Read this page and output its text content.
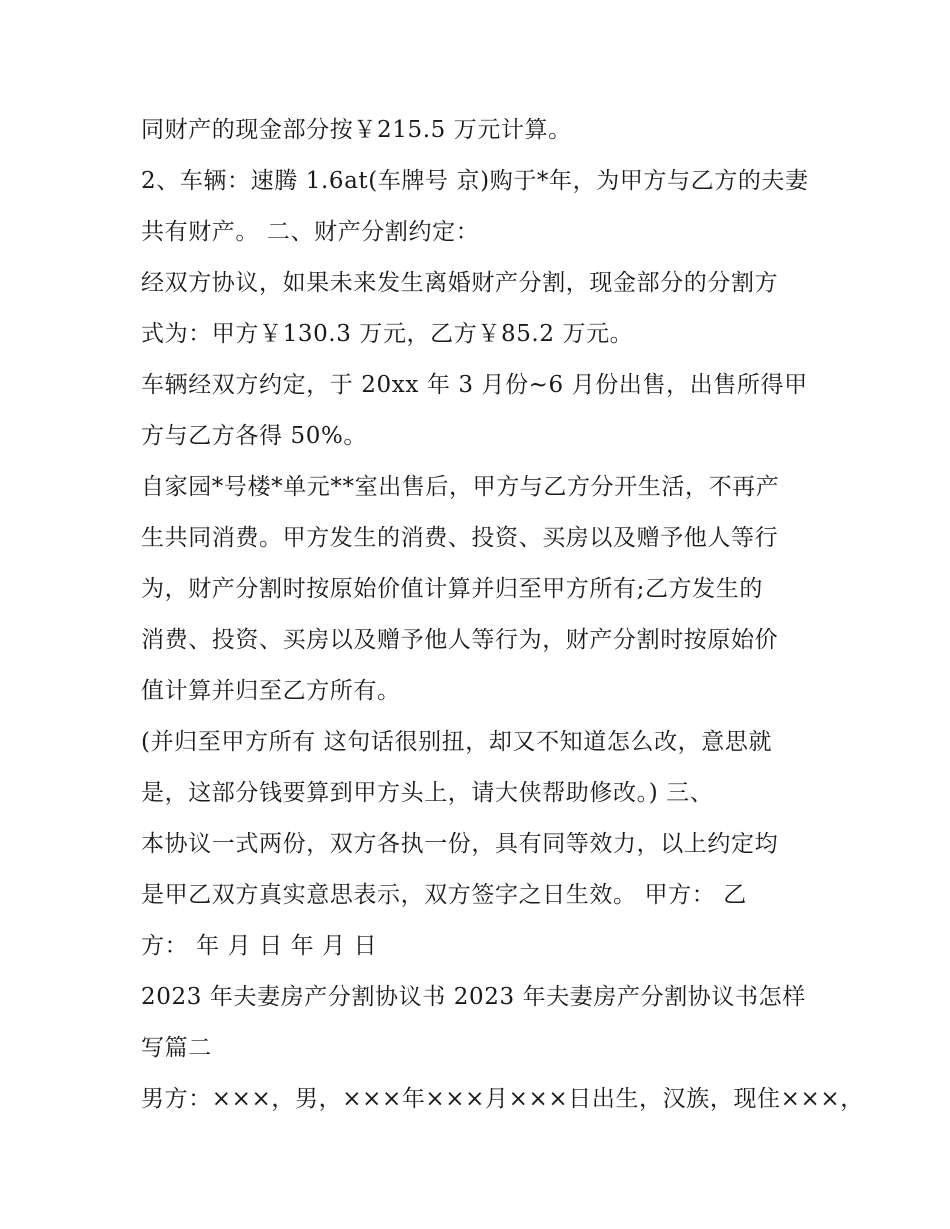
同财产的现金部分按￥215.5 万元计算。
2、车辆：速腾 1.6at(车牌号 京)购于*年，为甲方与乙方的夫妻
共有财产。 二、财产分割约定：
经双方协议，如果未来发生离婚财产分割，现金部分的分割方
式为：甲方￥130.3 万元，乙方￥85.2 万元。
车辆经双方约定，于 20xx 年 3 月份~6 月份出售，出售所得甲
方与乙方各得 50%。
自家园*号楼*单元**室出售后，甲方与乙方分开生活，不再产
生共同消费。甲方发生的消费、投资、买房以及赠予他人等行
为，财产分割时按原始价值计算并归至甲方所有;乙方发生的
消费、投资、买房以及赠予他人等行为，财产分割时按原始价
值计算并归至乙方所有。
(并归至甲方所有 这句话很别扭，却又不知道怎么改，意思就
是，这部分钱要算到甲方头上，请大侠帮助修改。) 三、
本协议一式两份，双方各执一份，具有同等效力，以上约定均
是甲乙双方真实意思表示，双方签字之日生效。 甲方： 乙
方： 年 月 日 年 月 日
2023 年夫妻房产分割协议书 2023 年夫妻房产分割协议书怎样
写篇二
男方：×××，男，×××年×××月×××日出生，汉族，现住×××，
